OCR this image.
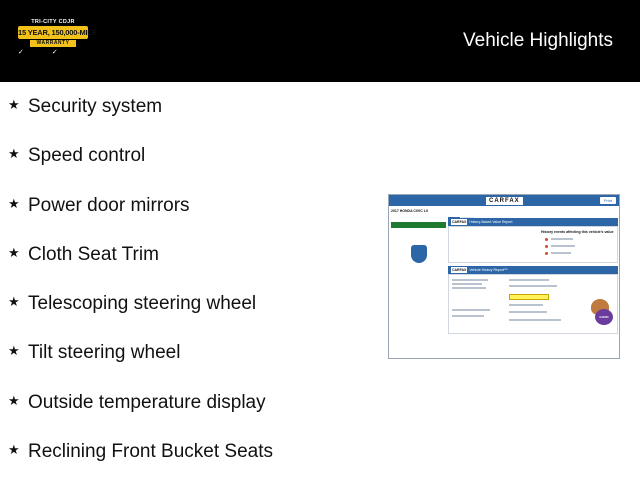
TRI-CITY CDJR
15 YEAR, 150,000-MILE
WARRANTY
✓	✓
Vehicle Highlights
★ Security system
★ Speed control
★ Power door mirrors
★ Cloth Seat Trim
★ Telescoping steering wheel
★ Tilt steering wheel
★ Outside temperature display
★ Reclining Front Bucket Seats
CARFAX	Print
2017 HONDA CIVIC LX

CARFAX History-Based Value Report
History events affecting this vehicle's value
CARFAX Vehicle History Report™
GOOD
